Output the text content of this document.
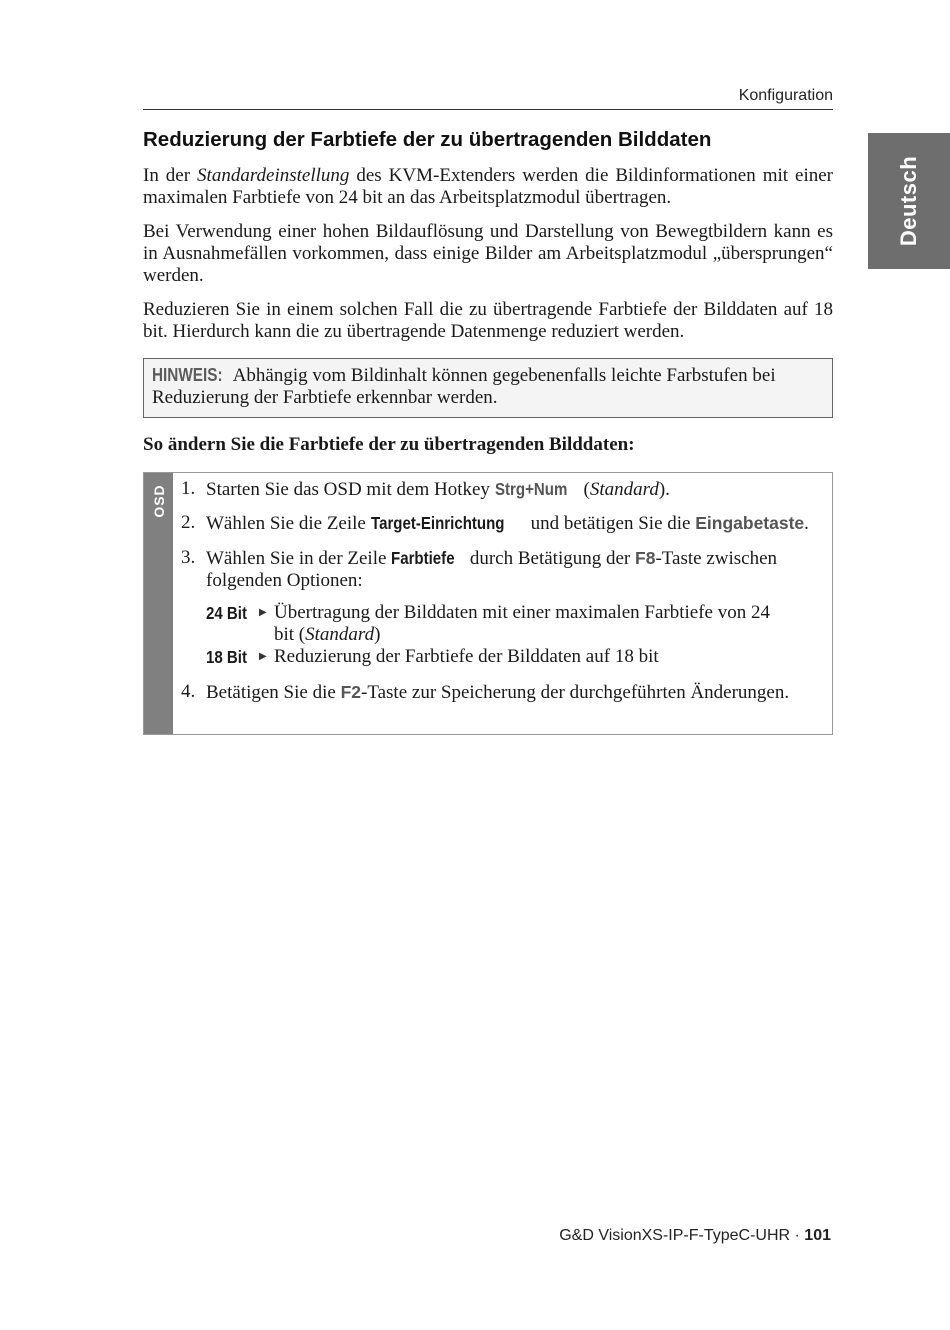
Konfiguration
Deutsch
Reduzierung der Farbtiefe der zu übertragenden Bilddaten

In der Standardeinstellung des KVM-Extenders werden die Bildinformationen mit einer maximalen Farbtiefe von 24 bit an das Arbeitsplatzmodul übertragen.

Bei Verwendung einer hohen Bildauflösung und Darstellung von Bewegtbildern kann es in Ausnahmefällen vorkommen, dass einige Bilder am Arbeitsplatzmodul „übersprungen“ werden.

Reduzieren Sie in einem solchen Fall die zu übertragende Farbtiefe der Bilddaten auf 18 bit. Hierdurch kann die zu übertragende Datenmenge reduziert werden.

HINWEIS: Abhängig vom Bildinhalt können gegebenenfalls leichte Farbstufen bei Reduzierung der Farbtiefe erkennbar werden.

So ändern Sie die Farbtiefe der zu übertragenden Bilddaten:

OSD 1. Starten Sie das OSD mit dem Hotkey Strg+Num (Standard).
2. Wählen Sie die Zeile Target-Einrichtung und betätigen Sie die Eingabetaste.
3. Wählen Sie in der Zeile Farbtiefe durch Betätigung der F8-Taste zwischen folgenden Optionen:
24 Bit ▶ Übertragung der Bilddaten mit einer maximalen Farbtiefe von 24 bit (Standard)
18 Bit ▶ Reduzierung der Farbtiefe der Bilddaten auf 18 bit
4. Betätigen Sie die F2-Taste zur Speicherung der durchgeführten Änderungen.
G&D VisionXS-IP-F-TypeC-UHR · 101
